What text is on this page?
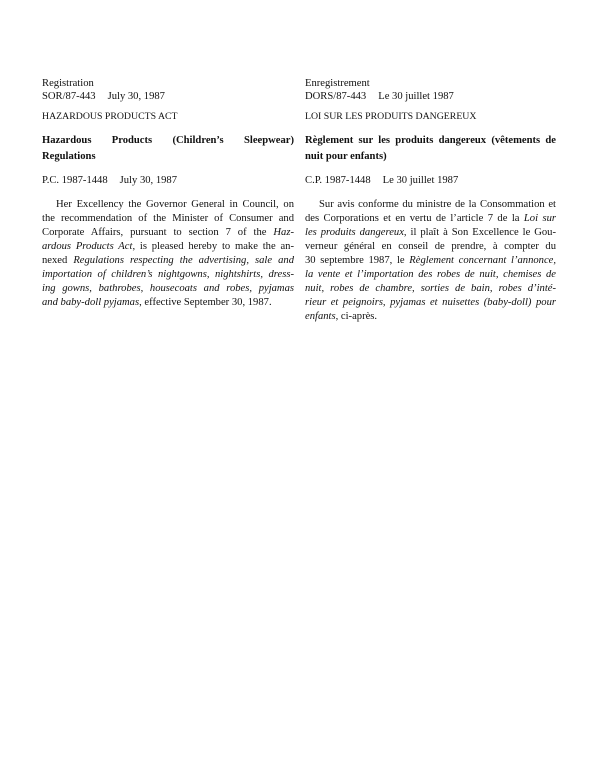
Registration
SOR/87-443 July 30, 1987
HAZARDOUS PRODUCTS ACT
Hazardous Products (Children’s Sleepwear)
Regulations
P.C. 1987-1448 July 30, 1987
Her Excellency the Governor General in Council, on
the recommendation of the Minister of Consumer and
Corporate Affairs, pursuant to section 7 of the Haz-
ardous Products Act, is pleased hereby to make the an-
nexed Regulations respecting the advertising, sale and
importation of children’s nightgowns, nightshirts, dress-
ing gowns, bathrobes, housecoats and robes, pyjamas
and baby-doll pyjamas, effective September 30, 1987.
Enregistrement
DORS/87-443 Le 30 juillet 1987
LOI SUR LES PRODUITS DANGEREUX
Règlement sur les produits dangereux (vêtements de
nuit pour enfants)
C.P. 1987-1448 Le 30 juillet 1987
Sur avis conforme du ministre de la Consommation et
des Corporations et en vertu de l’article 7 de la Loi sur
les produits dangereux, il plaît à Son Excellence le Gou-
verneur général en conseil de prendre, à compter du
30 septembre 1987, le Règlement concernant l’annonce,
la vente et l’importation des robes de nuit, chemises de
nuit, robes de chambre, sorties de bain, robes d’inté-
rieur et peignoirs, pyjamas et nuisettes (baby-doll) pour
enfants, ci-après.
